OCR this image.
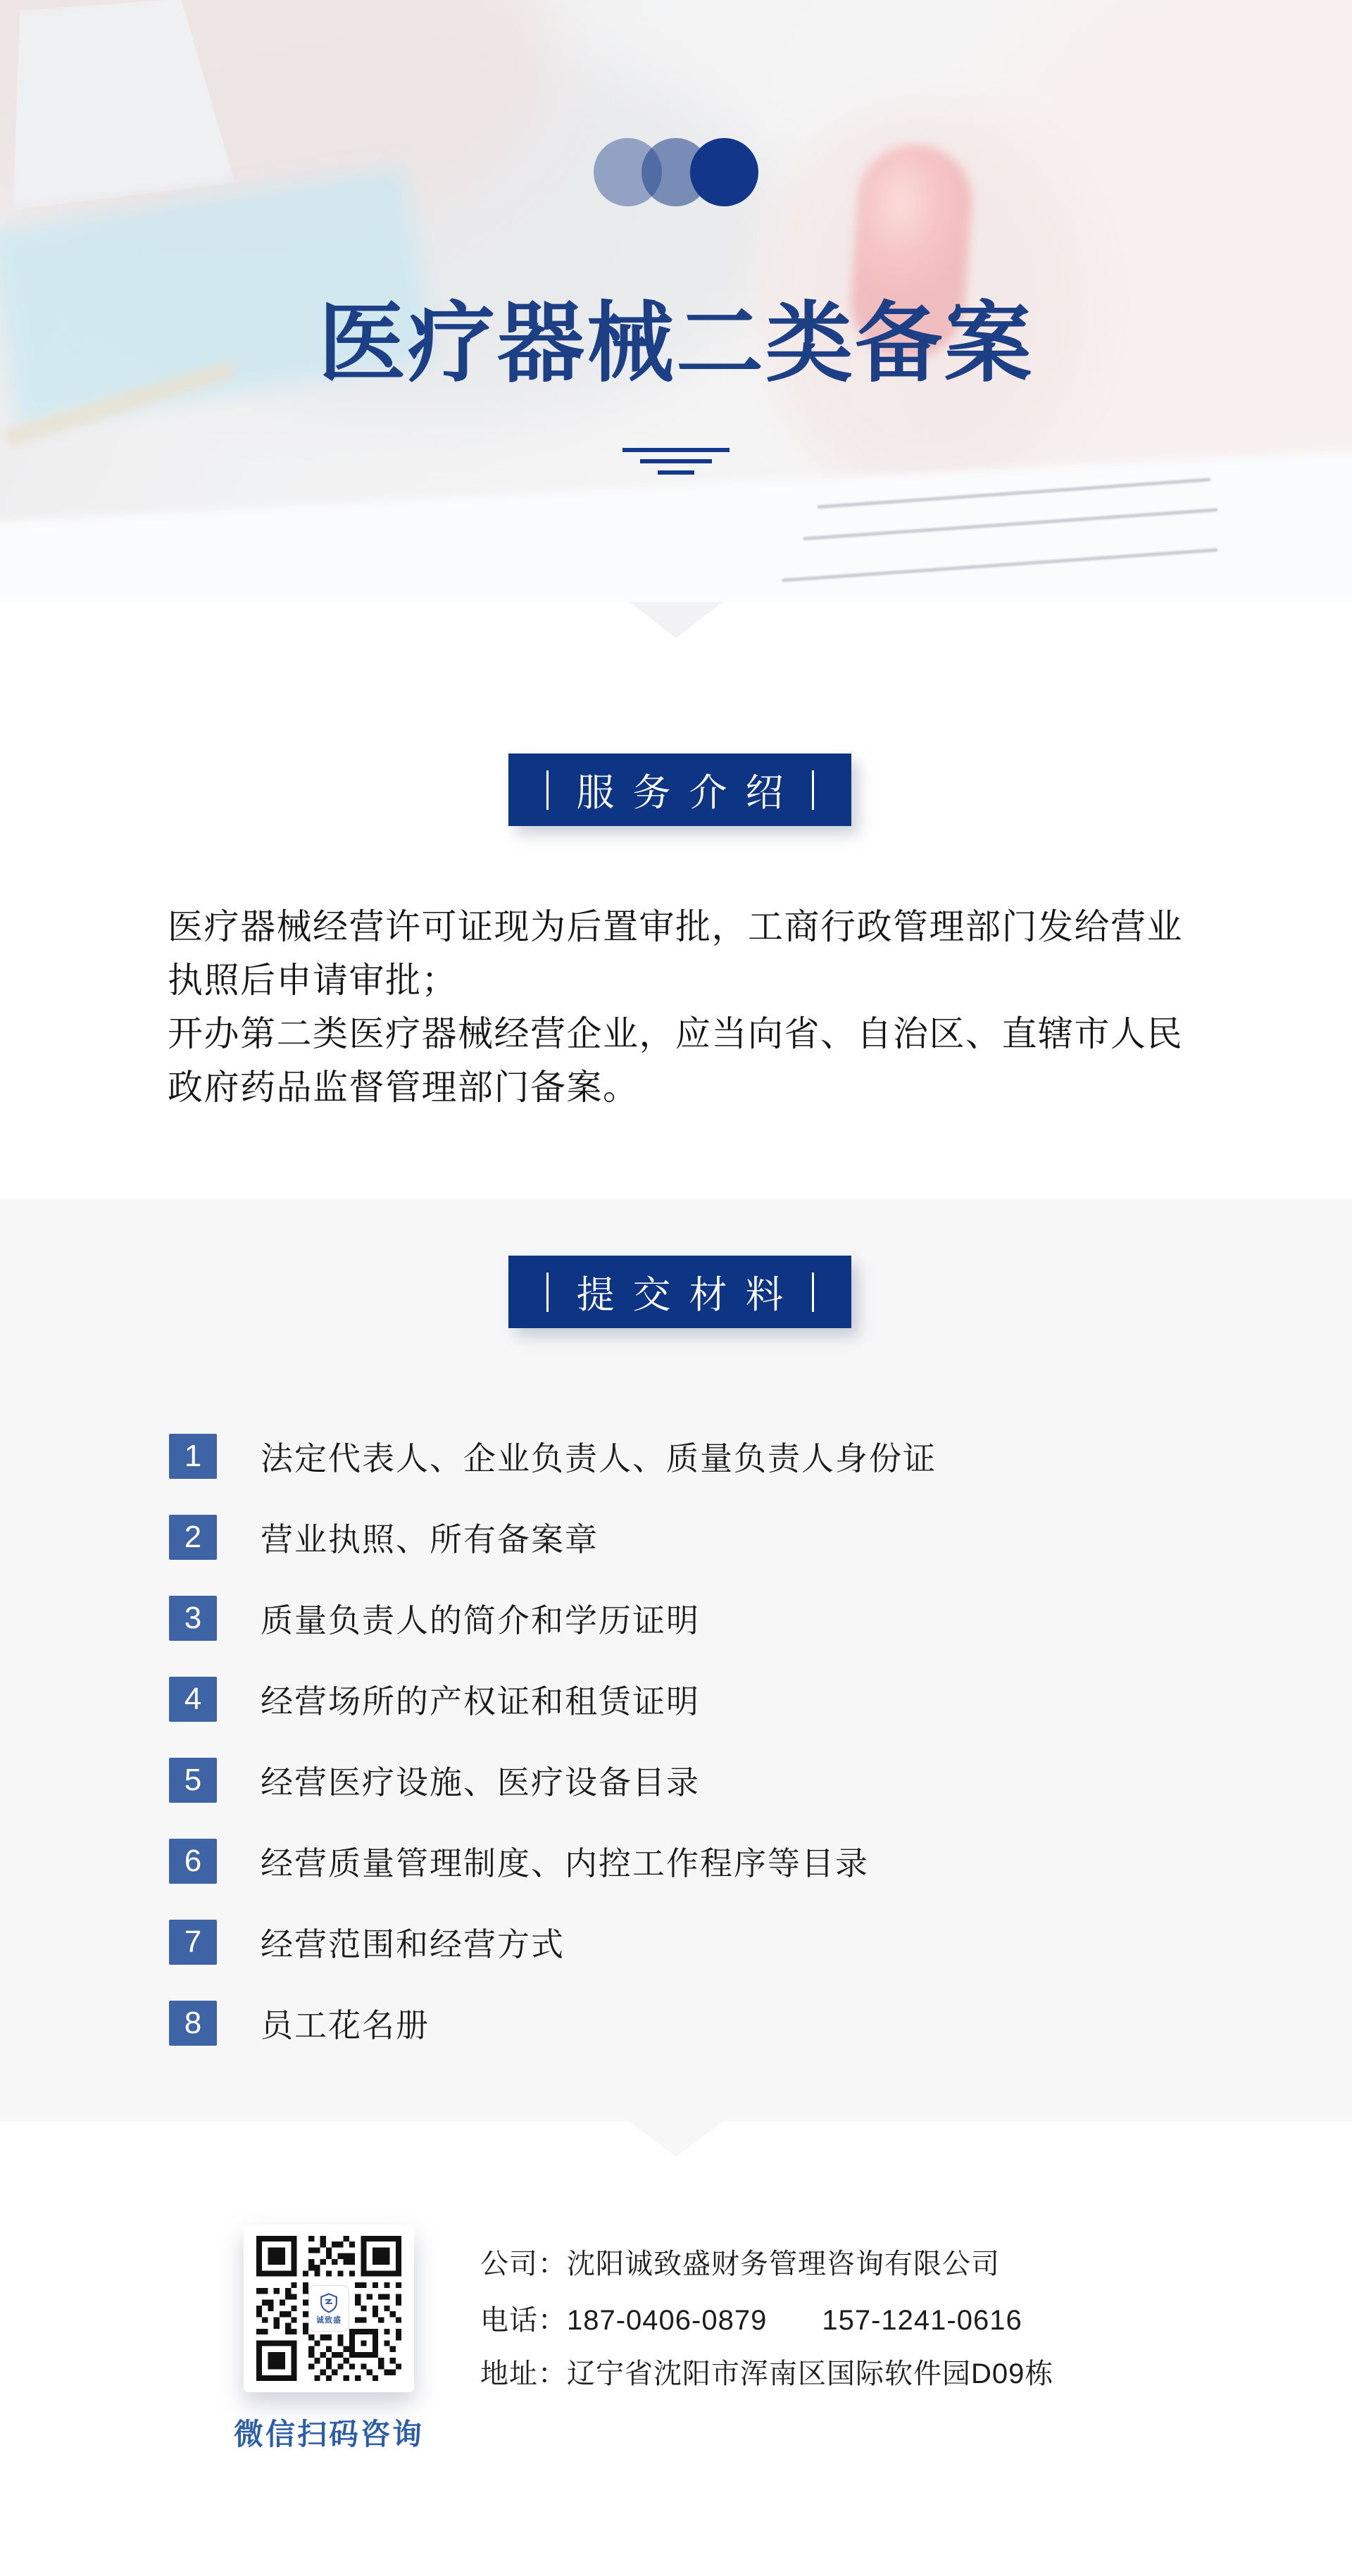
医疗器械二类备案
服务介绍

医疗器械经营许可证现为后置审批，工商行政管理部门发给营业执照后申请审批；

开办第二类医疗器械经营企业，应当向省、自治区、直辖市人民政府药品监督管理部门备案。

提交材料
1	法定代表人、企业负责人、质量负责人身份证
2	营业执照、所有备案章
3	质量负责人的简介和学历证明
4	经营场所的产权证和租赁证明
5	经营医疗设施、医疗设备目录
6	经营质量管理制度、内控工作程序等目录
7	经营范围和经营方式
8	员工花名册
诚致盛
微信扫码咨询
公司：沈阳诚致盛财务管理咨询有限公司
电话：187-0406-0879 157-1241-0616
地址：辽宁省沈阳市浑南区国际软件园D09栋
